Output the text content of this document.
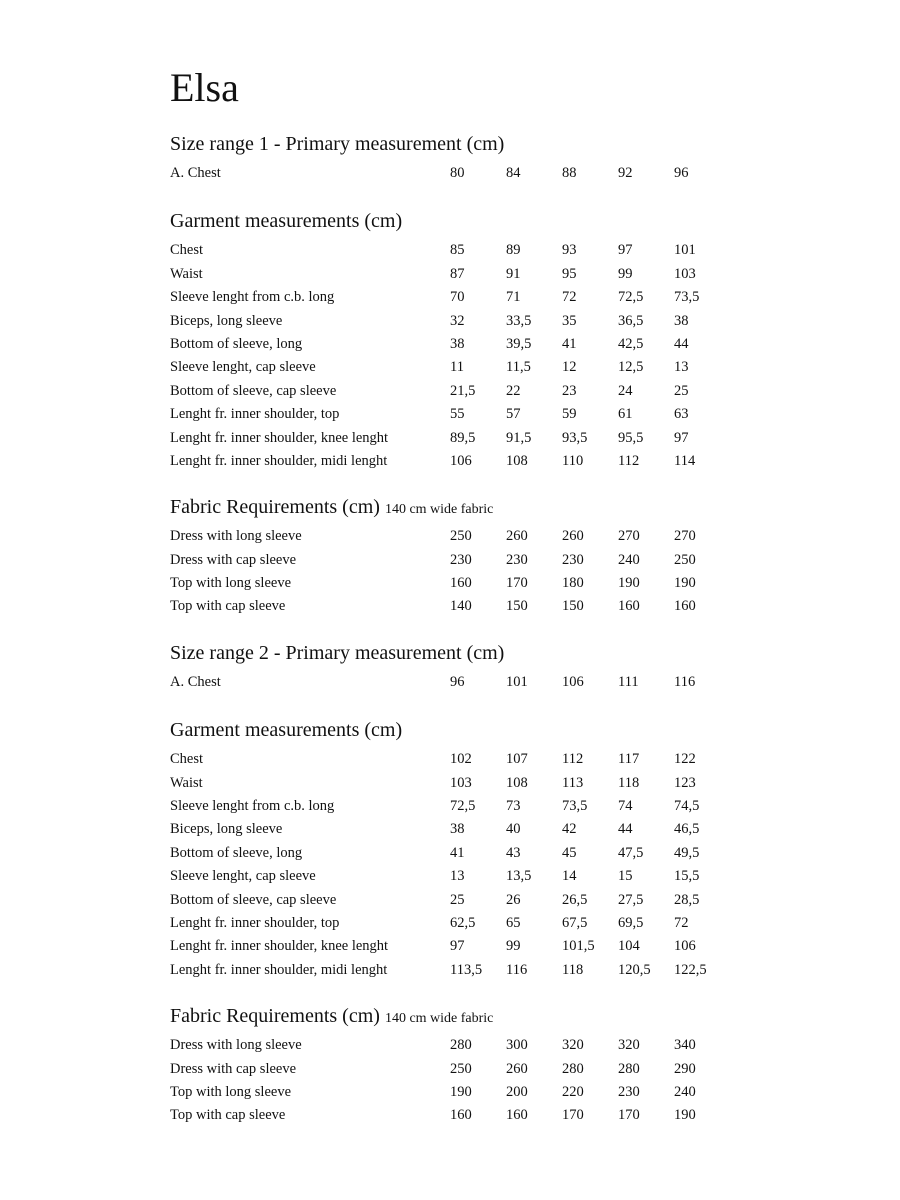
Elsa
Size range 1 - Primary measurement (cm)
A. Chest	80	84	88	92	96
Garment measurements (cm)
Chest	85	89	93	97	101
Waist	87	91	95	99	103
Sleeve lenght from c.b. long	70	71	72	72,5	73,5
Biceps, long sleeve	32	33,5	35	36,5	38
Bottom of sleeve, long	38	39,5	41	42,5	44
Sleeve lenght, cap sleeve	11	11,5	12	12,5	13
Bottom of sleeve, cap sleeve	21,5	22	23	24	25
Lenght fr. inner shoulder, top	55	57	59	61	63
Lenght fr. inner shoulder, knee lenght	89,5	91,5	93,5	95,5	97
Lenght fr. inner shoulder, midi lenght	106	108	110	112	114
Fabric Requirements (cm) 140 cm wide fabric
Dress with long sleeve	250	260	260	270	270
Dress with cap sleeve	230	230	230	240	250
Top with long sleeve	160	170	180	190	190
Top with cap sleeve	140	150	150	160	160
Size range 2 - Primary measurement (cm)
A. Chest	96	101	106	111	116
Garment measurements (cm)
Chest	102	107	112	117	122
Waist	103	108	113	118	123
Sleeve lenght from c.b. long	72,5	73	73,5	74	74,5
Biceps, long sleeve	38	40	42	44	46,5
Bottom of sleeve, long	41	43	45	47,5	49,5
Sleeve lenght, cap sleeve	13	13,5	14	15	15,5
Bottom of sleeve, cap sleeve	25	26	26,5	27,5	28,5
Lenght fr. inner shoulder, top	62,5	65	67,5	69,5	72
Lenght fr. inner shoulder, knee lenght	97	99	101,5	104	106
Lenght fr. inner shoulder, midi lenght	113,5	116	118	120,5	122,5
Fabric Requirements (cm) 140 cm wide fabric
Dress with long sleeve	280	300	320	320	340
Dress with cap sleeve	250	260	280	280	290
Top with long sleeve	190	200	220	230	240
Top with cap sleeve	160	160	170	170	190
